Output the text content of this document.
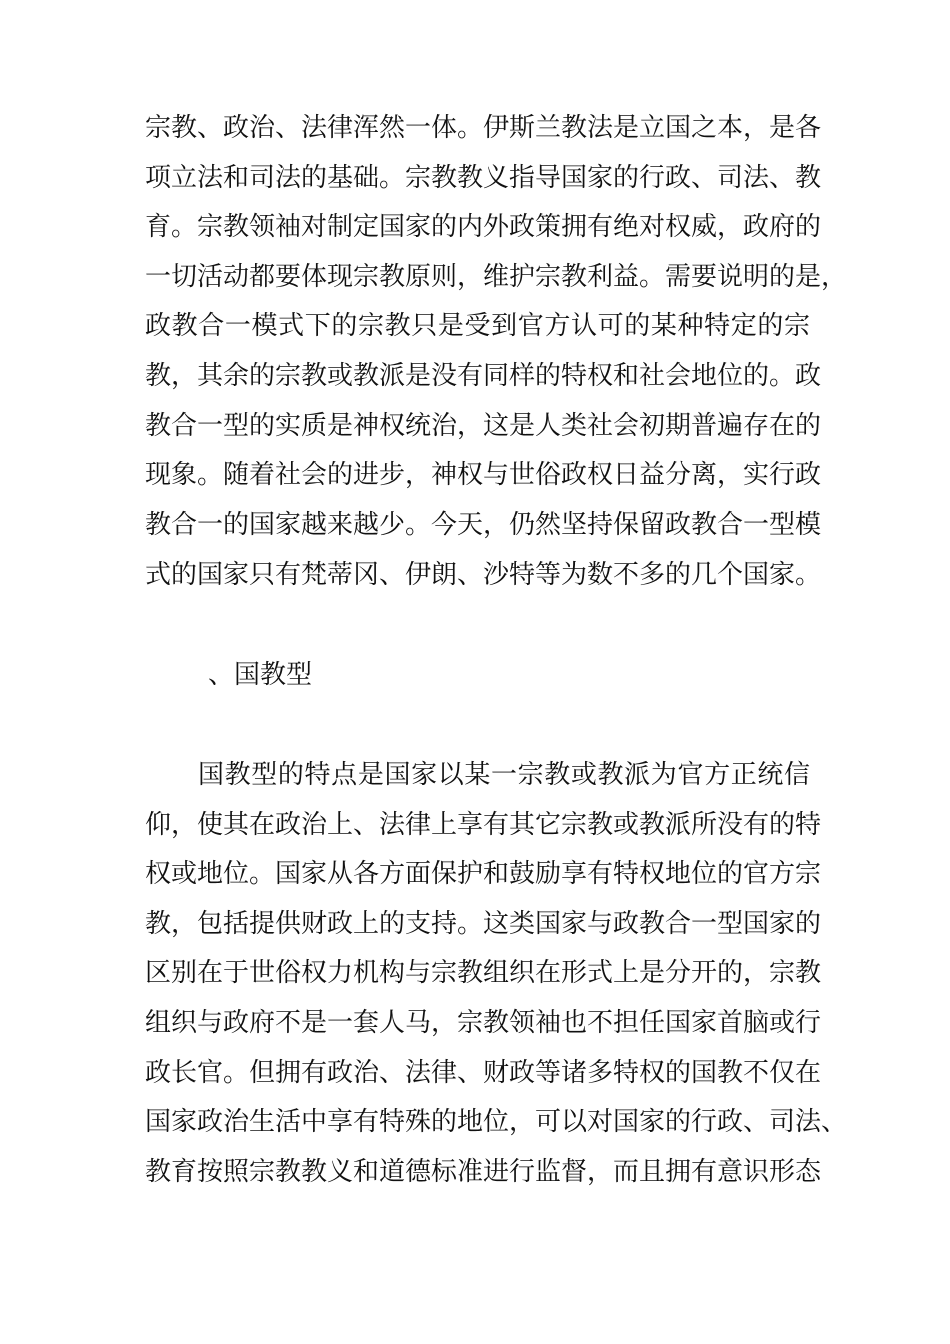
宗教、政治、法律浑然一体。伊斯兰教法是立国之本，是各
项立法和司法的基础。宗教教义指导国家的行政、司法、教
育。宗教领袖对制定国家的内外政策拥有绝对权威，政府的
一切活动都要体现宗教原则，维护宗教利益。需要说明的是，
政教合一模式下的宗教只是受到官方认可的某种特定的宗
教，其余的宗教或教派是没有同样的特权和社会地位的。政
教合一型的实质是神权统治，这是人类社会初期普遍存在的
现象。随着社会的进步，神权与世俗政权日益分离，实行政
教合一的国家越来越少。今天，仍然坚持保留政教合一型模
式的国家只有梵蒂冈、伊朗、沙特等为数不多的几个国家。
、国教型
国教型的特点是国家以某一宗教或教派为官方正统信
仰，使其在政治上、法律上享有其它宗教或教派所没有的特
权或地位。国家从各方面保护和鼓励享有特权地位的官方宗
教，包括提供财政上的支持。这类国家与政教合一型国家的
区别在于世俗权力机构与宗教组织在形式上是分开的，宗教
组织与政府不是一套人马，宗教领袖也不担任国家首脑或行
政长官。但拥有政治、法律、财政等诸多特权的国教不仅在
国家政治生活中享有特殊的地位，可以对国家的行政、司法、
教育按照宗教教义和道德标准进行监督，而且拥有意识形态
